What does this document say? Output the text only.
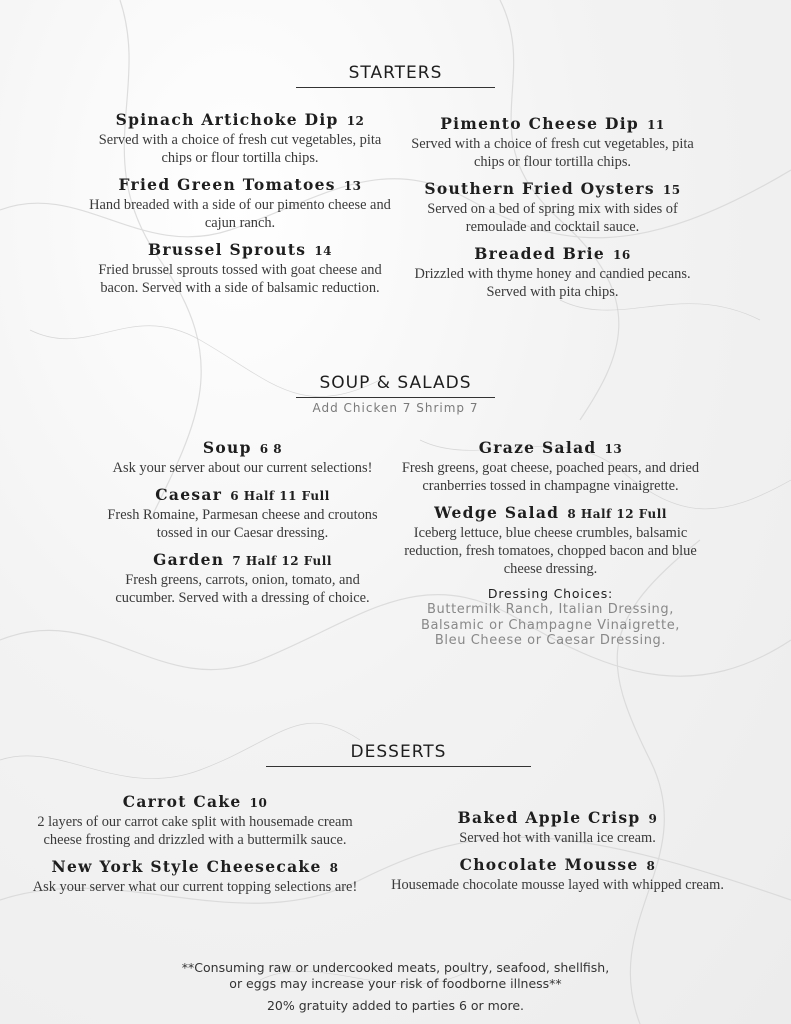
STARTERS
Spinach Artichoke Dip 12
Served with a choice of fresh cut vegetables, pita chips or flour tortilla chips.
Fried Green Tomatoes 13
Hand breaded with a side of our pimento cheese and cajun ranch.
Brussel Sprouts 14
Fried brussel sprouts tossed with goat cheese and bacon. Served with a side of balsamic reduction.
Pimento Cheese Dip 11
Served with a choice of fresh cut vegetables, pita chips or flour tortilla chips.
Southern Fried Oysters 15
Served on a bed of spring mix with sides of remoulade and cocktail sauce.
Breaded Brie 16
Drizzled with thyme honey and candied pecans. Served with pita chips.
SOUP & SALADS
Add Chicken 7 Shrimp 7
Soup 6 8
Ask your server about our current selections!
Caesar 6 Half 11 Full
Fresh Romaine, Parmesan cheese and croutons tossed in our Caesar dressing.
Garden 7 Half 12 Full
Fresh greens, carrots, onion, tomato, and cucumber. Served with a dressing of choice.
Graze Salad 13
Fresh greens, goat cheese, poached pears, and dried cranberries tossed in champagne vinaigrette.
Wedge Salad 8 Half 12 Full
Iceberg lettuce, blue cheese crumbles, balsamic reduction, fresh tomatoes, chopped bacon and blue cheese dressing.
Dressing Choices:
Buttermilk Ranch, Italian Dressing,
Balsamic or Champagne Vinaigrette,
Bleu Cheese or Caesar Dressing.
DESSERTS
Carrot Cake 10
2 layers of our carrot cake split with housemade cream cheese frosting and drizzled with a buttermilk sauce.
New York Style Cheesecake 8
Ask your server what our current topping selections are!
Baked Apple Crisp 9
Served hot with vanilla ice cream.
Chocolate Mousse 8
Housemade chocolate mousse layed with whipped cream.
**Consuming raw or undercooked meats, poultry, seafood, shellfish,
or eggs may increase your risk of foodborne illness**
20% gratuity added to parties 6 or more.
